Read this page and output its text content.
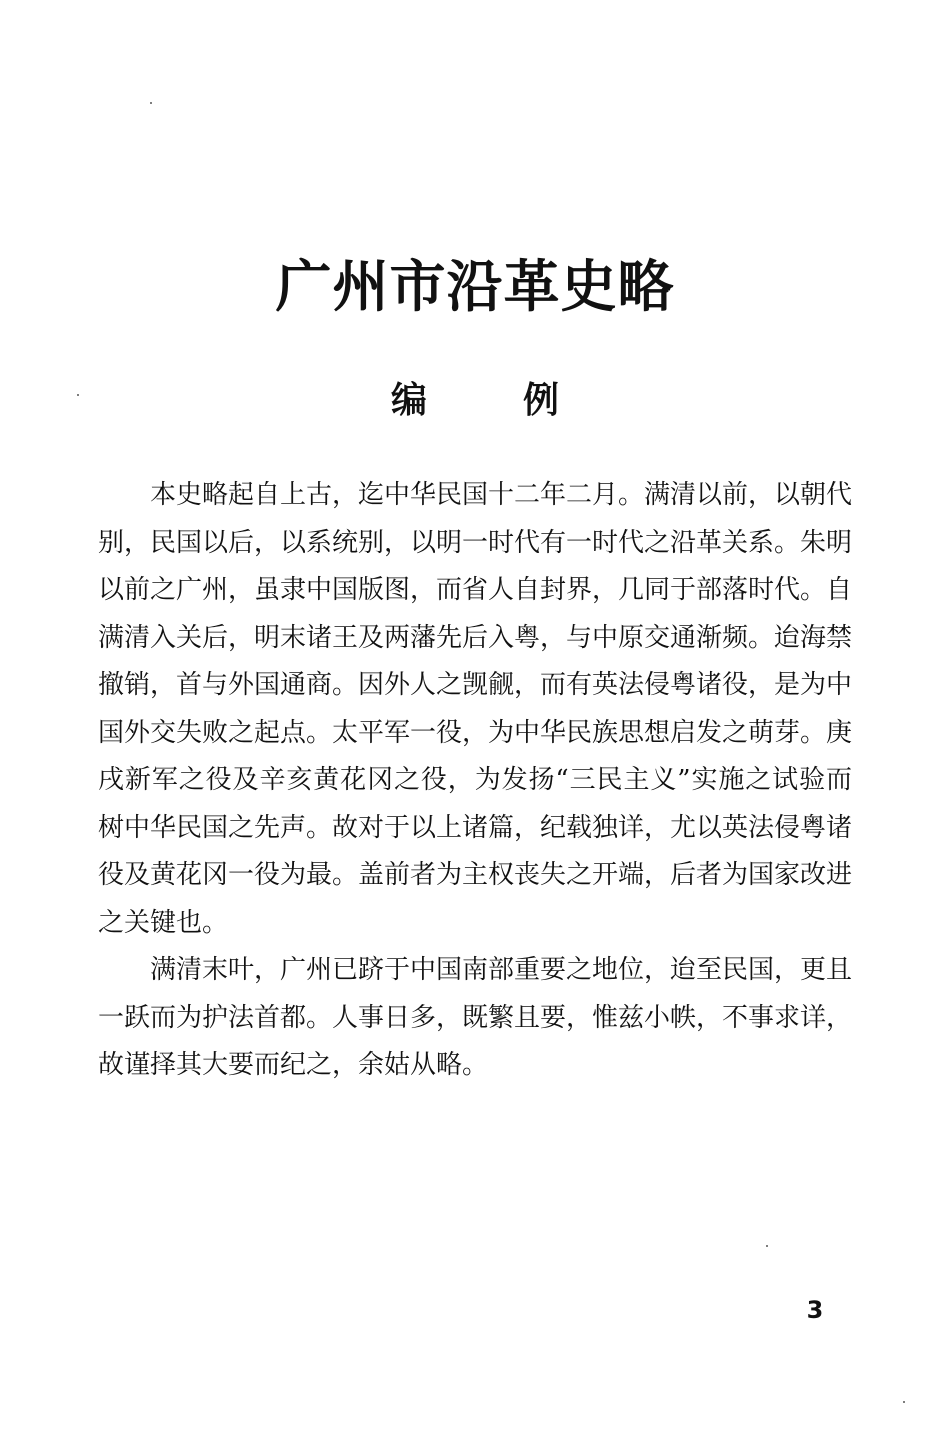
广州市沿革史略
编例

本史略起自上古，迄中华民国十二年二月。满清以前，以朝代别，民国以后，以系统别，以明一时代有一时代之沿革关系。朱明以前之广州，虽隶中国版图，而省人自封界，几同于部落时代。自满清入关后，明末诸王及两藩先后入粤，与中原交通渐频。迨海禁撤销，首与外国通商。因外人之觊觎，而有英法侵粤诸役，是为中国外交失败之起点。太平军一役，为中华民族思想启发之萌芽。庚戌新军之役及辛亥黄花冈之役，为发扬“三民主义”实施之试验而树中华民国之先声。故对于以上诸篇，纪载独详，尤以英法侵粤诸役及黄花冈一役为最。盖前者为主权丧失之开端，后者为国家改进之关键也。

满清末叶，广州已跻于中国南部重要之地位，迨至民国，更且一跃而为护法首都。人事日多，既繁且要，惟兹小帙，不事求详，故谨择其大要而纪之，余姑从略。

3
